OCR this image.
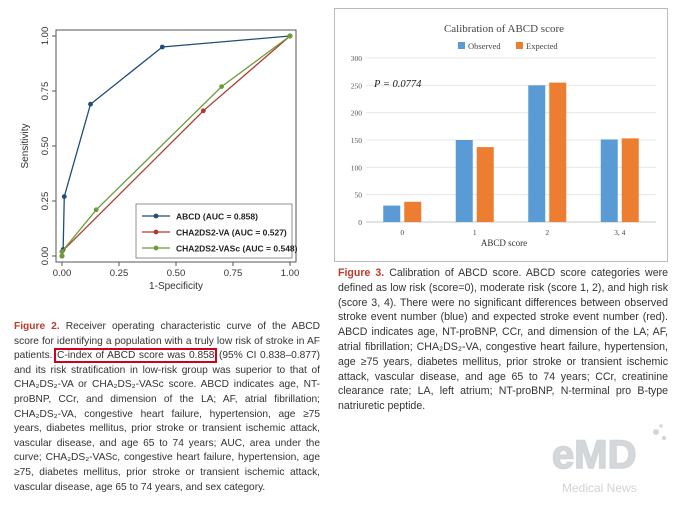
0.00	0.25	0.50	0.75	1.00
0.00
0.25
0.50
0.75
1.00
1-Specificity
Sensitivity
ABCD (AUC = 0.858)
CHA2DS2-VA (AUC = 0.527)
CHA2DS2-VASc (AUC = 0.548)
Calibration of ABCD score
Observed	Expected
0
50
100
150
200
250
300
0	1	2	3, 4
P = 0.0774
ABCD score
Figure 2. Receiver operating characteristic curve of the ABCD score for identifying a population with a truly low risk of stroke in AF patients. C-index of ABCD score was 0.858 (95% CI 0.838–0.877) and its risk stratification in low-risk group was superior to that of CHA₂DS₂-VA or CHA₂DS₂-VASc score. ABCD indicates age, NT-proBNP, CCr, and dimension of the LA; AF, atrial fibrillation; CHA₂DS₂-VA, congestive heart failure, hypertension, age ≥75 years, diabetes mellitus, prior stroke or transient ischemic attack, vascular disease, and age 65 to 74 years; AUC, area under the curve; CHA₂DS₂-VASc, congestive heart failure, hypertension, age ≥75, diabetes mellitus, prior stroke or transient ischemic attack, vascular disease, age 65 to 74 years, and sex category.
Figure 3. Calibration of ABCD score. ABCD score categories were defined as low risk (score=0), moderate risk (score 1, 2), and high risk (score 3, 4). There were no significant differences between observed stroke event number (blue) and expected stroke event number (red). ABCD indicates age, NT-proBNP, CCr, and dimension of the LA; AF, atrial fibrillation; CHA₂DS₂-VA, congestive heart failure, hypertension, age ≥75 years, diabetes mellitus, prior stroke or transient ischemic attack, vascular disease, and age 65 to 74 years; CCr, creatinine clearance rate; LA, left atrium; NT-proBNP, N-terminal pro B-type natriuretic peptide.
eMD
Medical News
